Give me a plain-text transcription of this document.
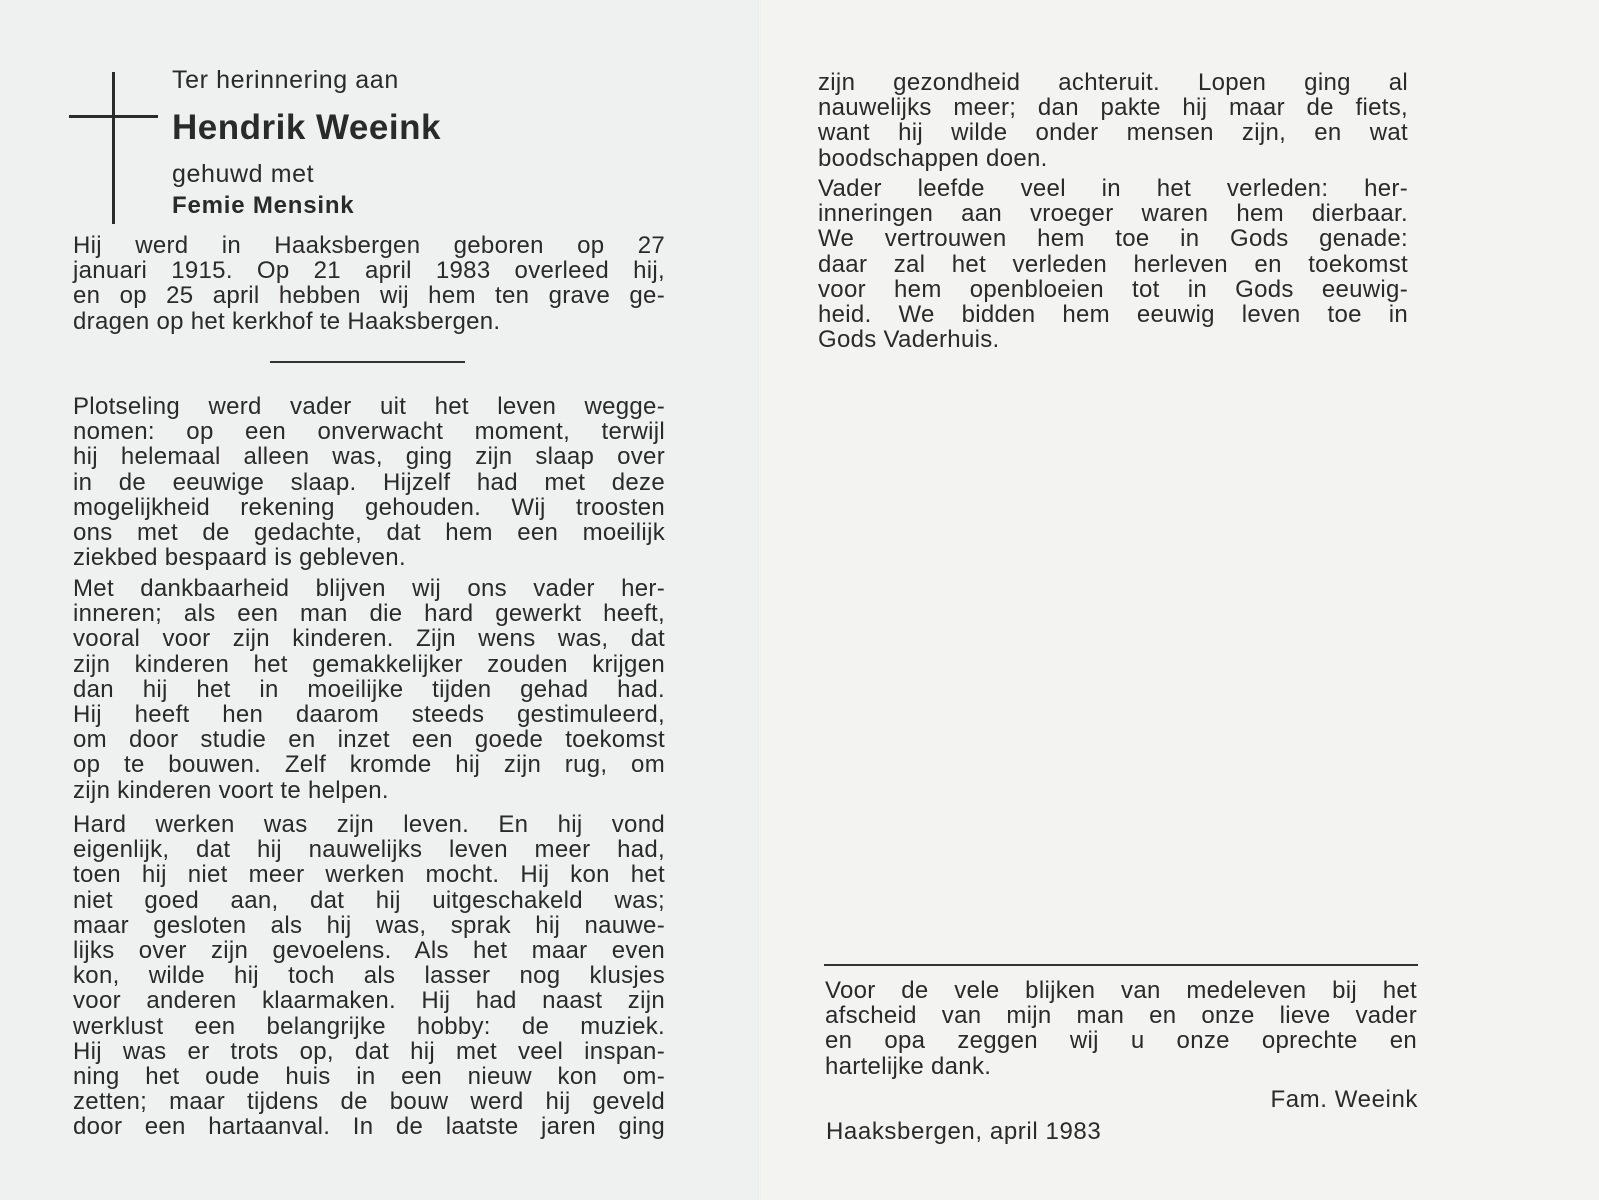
Ter herinnering aan
Hendrik Weeink
gehuwd met
Femie Mensink
Hij werd in Haaksbergen geboren op 27
januari 1915. Op 21 april 1983 overleed hij,
en op 25 april hebben wij hem ten grave ge-
dragen op het kerkhof te Haaksbergen.
Plotseling werd vader uit het leven wegge-
nomen: op een onverwacht moment, terwijl
hij helemaal alleen was, ging zijn slaap over
in de eeuwige slaap. Hijzelf had met deze
mogelijkheid rekening gehouden. Wij troosten
ons met de gedachte, dat hem een moeilijk
ziekbed bespaard is gebleven.
Met dankbaarheid blijven wij ons vader her-
inneren; als een man die hard gewerkt heeft,
vooral voor zijn kinderen. Zijn wens was, dat
zijn kinderen het gemakkelijker zouden krijgen
dan hij het in moeilijke tijden gehad had.
Hij heeft hen daarom steeds gestimuleerd,
om door studie en inzet een goede toekomst
op te bouwen. Zelf kromde hij zijn rug, om
zijn kinderen voort te helpen.
Hard werken was zijn leven. En hij vond
eigenlijk, dat hij nauwelijks leven meer had,
toen hij niet meer werken mocht. Hij kon het
niet goed aan, dat hij uitgeschakeld was;
maar gesloten als hij was, sprak hij nauwe-
lijks over zijn gevoelens. Als het maar even
kon, wilde hij toch als lasser nog klusjes
voor anderen klaarmaken. Hij had naast zijn
werklust een belangrijke hobby: de muziek.
Hij was er trots op, dat hij met veel inspan-
ning het oude huis in een nieuw kon om-
zetten; maar tijdens de bouw werd hij geveld
door een hartaanval. In de laatste jaren ging
zijn gezondheid achteruit. Lopen ging al
nauwelijks meer; dan pakte hij maar de fiets,
want hij wilde onder mensen zijn, en wat
boodschappen doen.
Vader leefde veel in het verleden: her-
inneringen aan vroeger waren hem dierbaar.
We vertrouwen hem toe in Gods genade:
daar zal het verleden herleven en toekomst
voor hem openbloeien tot in Gods eeuwig-
heid. We bidden hem eeuwig leven toe in
Gods Vaderhuis.
Voor de vele blijken van medeleven bij het
afscheid van mijn man en onze lieve vader
en opa zeggen wij u onze oprechte en
hartelijke dank.
Fam. Weeink
Haaksbergen, april 1983
